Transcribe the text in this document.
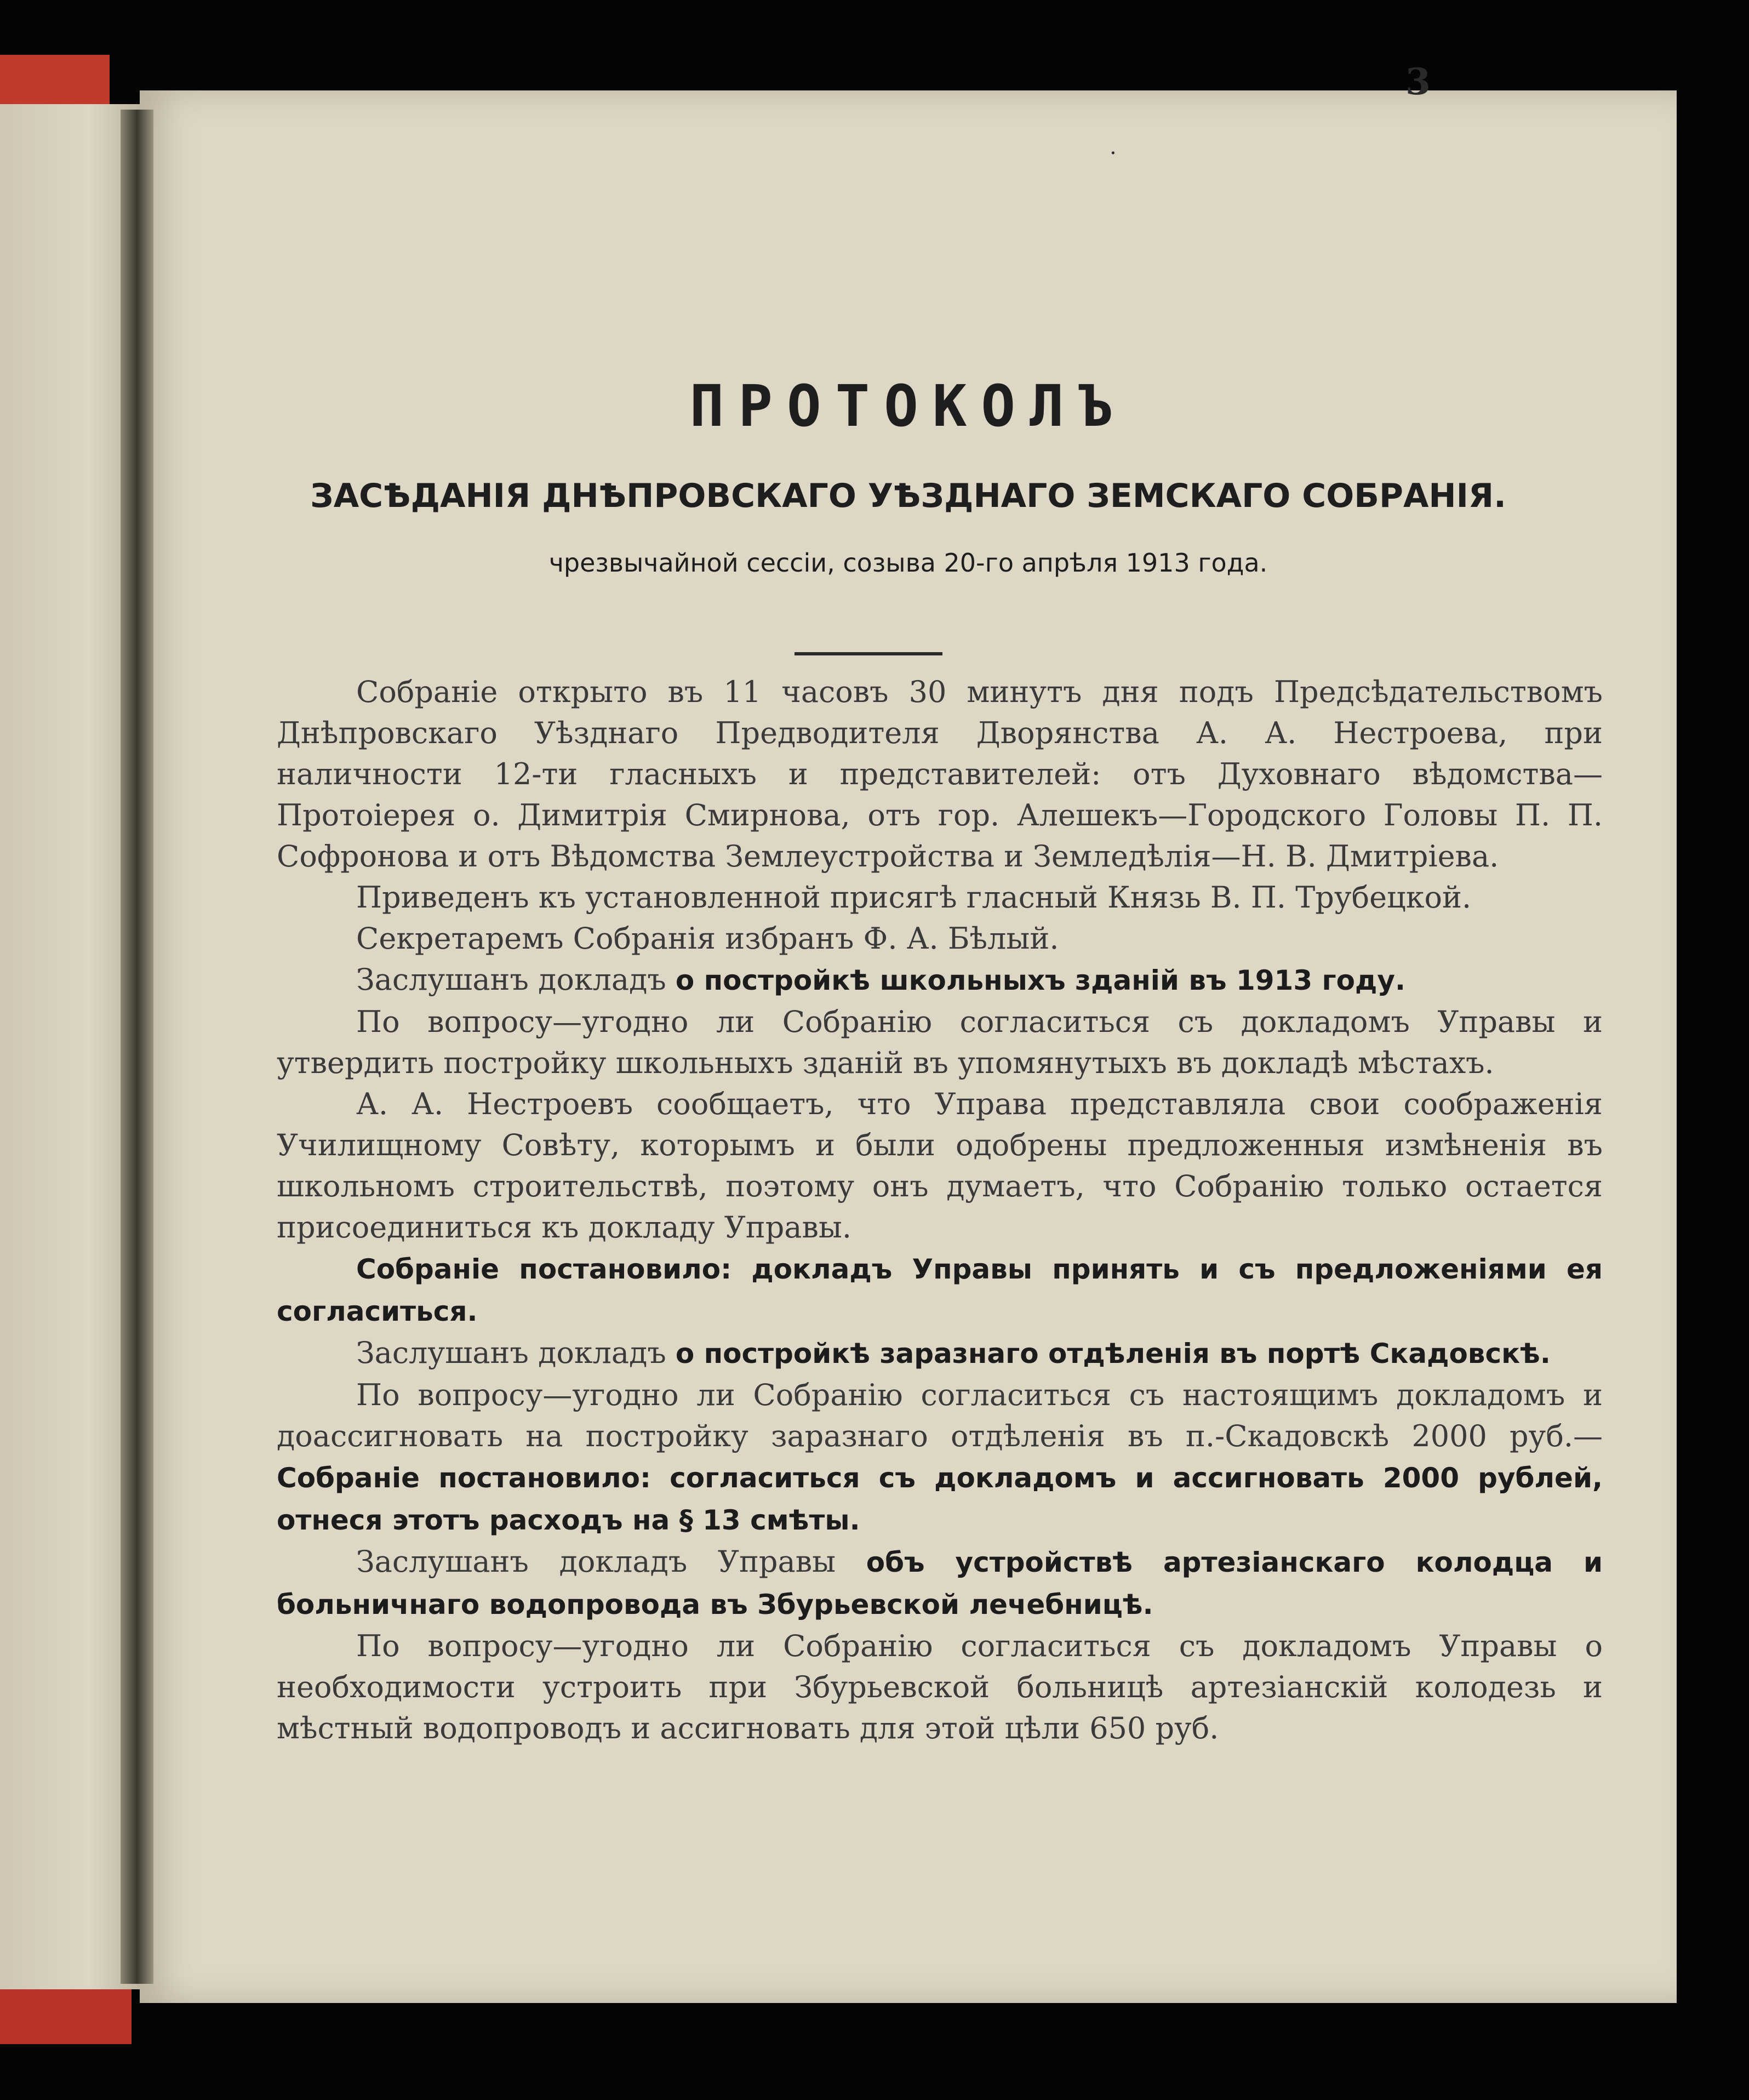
3

.
ПРОТОКОЛЪ
ЗАСѢДАНІЯ ДНѢПРОВСКАГО УѢЗДНАГО ЗЕМСКАГО СОБРАНІЯ.

чрезвычайной сессіи, созыва 20-го апрѣля 1913 года.

Собраніе открыто въ 11 часовъ 30 минутъ дня подъ Предсѣдательствомъ Днѣпровскаго Уѣзднаго Предводителя Дворянства А. А. Нестроева, при наличности 12-ти гласныхъ и представителей: отъ Духовнаго вѣдомства—Протоіерея о. Димитрія Смирнова, отъ гор. Алешекъ—Городского Головы П. П. Софронова и отъ Вѣдомства Землеустройства и Земледѣлія—Н. В. Дмитріева.

Приведенъ къ установленной присягѣ гласный Князь В. П. Трубецкой.

Секретаремъ Собранія избранъ Ф. А. Бѣлый.

Заслушанъ докладъ о постройкѣ школьныхъ зданій въ 1913 году.

По вопросу—угодно ли Собранію согласиться съ докладомъ Управы и утвердить постройку школьныхъ зданій въ упомянутыхъ въ докладѣ мѣстахъ.

А. А. Нестроевъ сообщаетъ, что Управа представляла свои соображенія Училищному Совѣту, которымъ и были одобрены предложенныя измѣненія въ школьномъ строительствѣ, поэтому онъ думаетъ, что Собранію только остается присоединиться къ докладу Управы.

Собраніе постановило: докладъ Управы принять и съ предложеніями ея согласиться.

Заслушанъ докладъ о постройкѣ заразнаго отдѣленія въ портѣ Скадовскѣ.

По вопросу—угодно ли Собранію согласиться съ настоящимъ докладомъ и доассигновать на постройку заразнаго отдѣленія въ п.-Скадовскѣ 2000 руб.—Собраніе постановило: согласиться съ докладомъ и ассигновать 2000 рублей, отнеся этотъ расходъ на § 13 смѣты.

Заслушанъ докладъ Управы объ устройствѣ артезіанскаго колодца и больничнаго водопровода въ Збурьевской лечебницѣ.

По вопросу—угодно ли Собранію согласиться съ докладомъ Управы о необходимости устроить при Збурьевской больницѣ артезіанскій колодезь и мѣстный водопроводъ и ассигновать для этой цѣли 650 руб.
